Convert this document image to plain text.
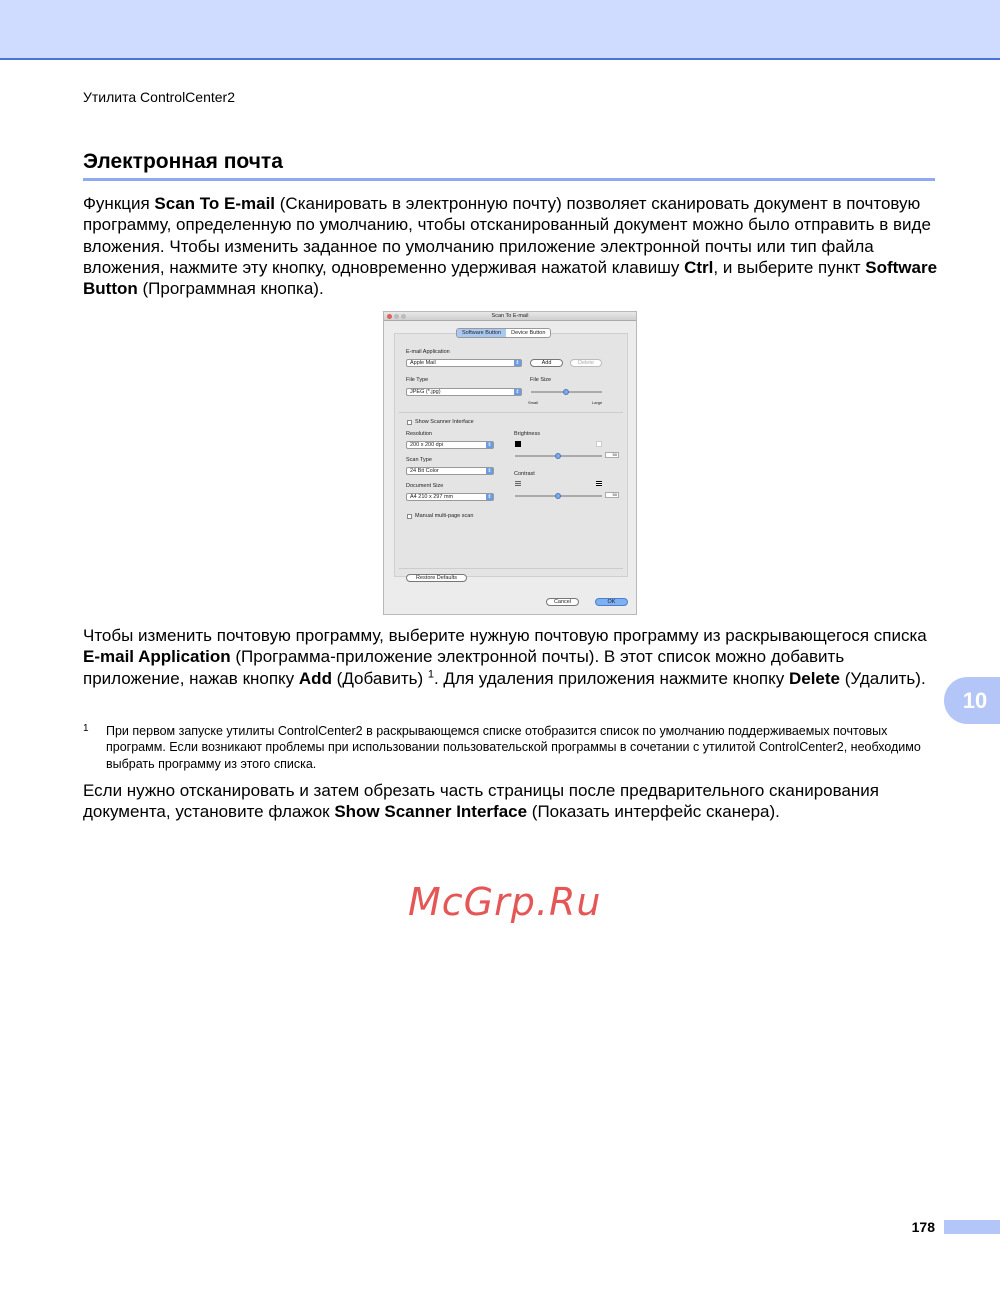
Утилита ControlCenter2
Электронная почта
Функция Scan To E-mail (Сканировать в электронную почту) позволяет сканировать документ в почтовую программу, определенную по умолчанию, чтобы отсканированный документ можно было отправить в виде вложения. Чтобы изменить заданное по умолчанию приложение электронной почты или тип файла вложения, нажмите эту кнопку, одновременно удерживая нажатой клавишу Ctrl, и выберите пункт Software Button (Программная кнопка).
Scan To E-mail
Software Button	Device Button
E-mail Application
Apple Mail	⇕	Add	Delete
File Type
JPEG (*.jpg)	⇕
File Size
Small	Large
Show Scanner Interface
Resolution
200 x 200 dpi	⇕
Scan Type
24 Bit Color	⇕
Document Size
A4 210 x 297 mm	⇕
Manual multi-page scan
Brightness
50
Contrast
50
Restore Defaults
Cancel	OK
Чтобы изменить почтовую программу, выберите нужную почтовую программу из раскрывающегося списка E-mail Application (Программа-приложение электронной почты). В этот список можно добавить приложение, нажав кнопку Add (Добавить) $^1$. Для удаления приложения нажмите кнопку Delete (Удалить).
1 При первом запуске утилиты ControlCenter2 в раскрывающемся списке отобразится список по умолчанию поддерживаемых почтовых программ. Если возникают проблемы при использовании пользовательской программы в сочетании с утилитой ControlCenter2, необходимо выбрать программу из этого списка.
Если нужно отсканировать и затем обрезать часть страницы после предварительного сканирования документа, установите флажок Show Scanner Interface (Показать интерфейс сканера).
McGrp.Ru
10
178
